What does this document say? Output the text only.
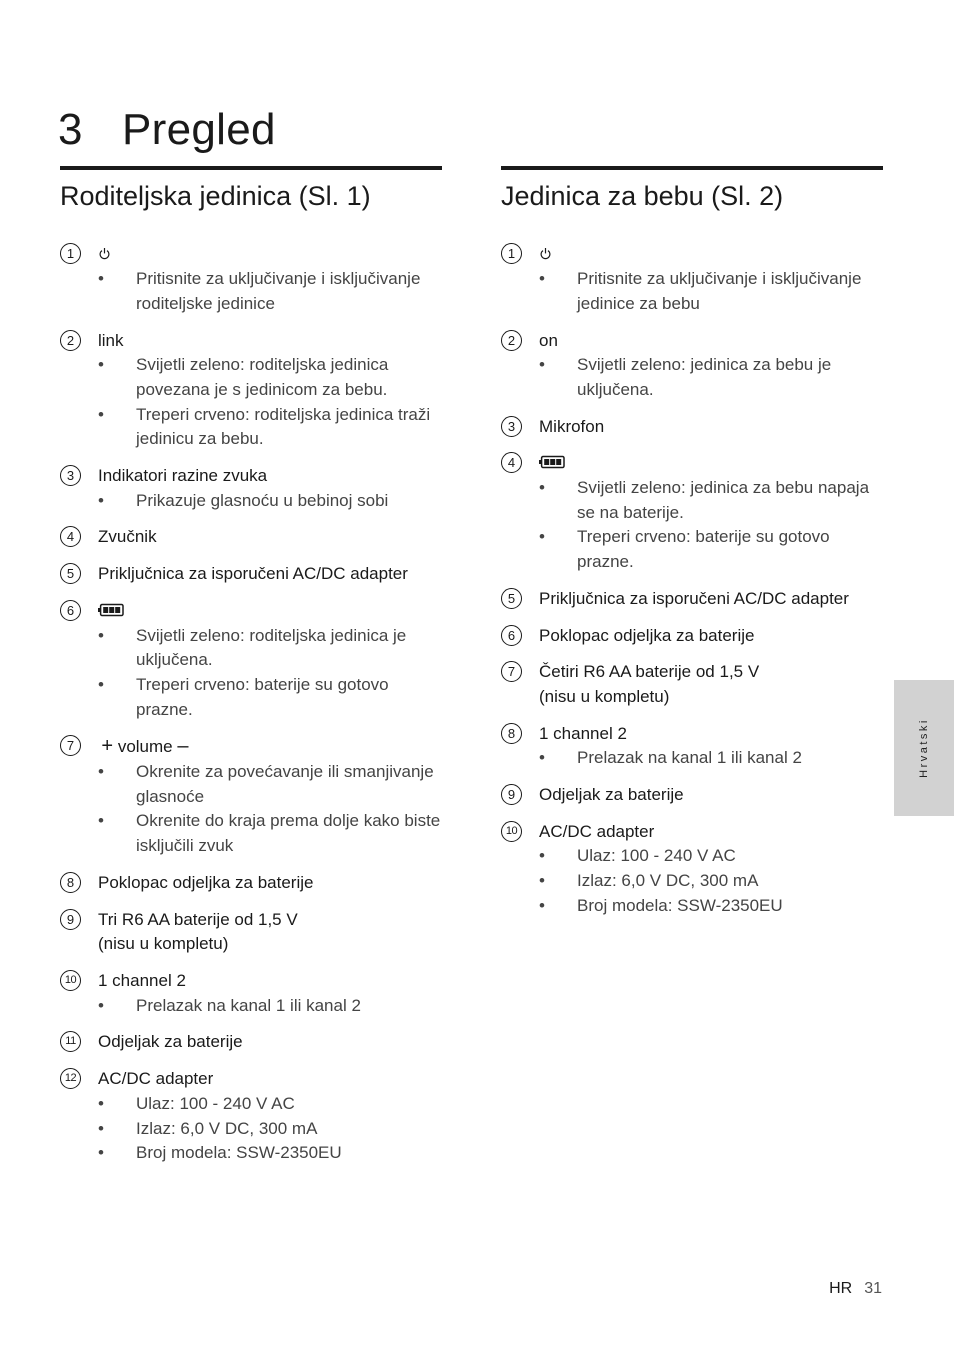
3 Pregled
Roditeljska jedinica (Sl. 1)
1
• Pritisnite za uključivanje i isključivanje roditeljske jedinice
2	link
• Svijetli zeleno: roditeljska jedinica povezana je s jedinicom za bebu.
• Treperi crveno: roditeljska jedinica traži jedinicu za bebu.
3	Indikatori razine zvuka
• Prikazuje glasnoću u bebinoj sobi
4	Zvučnik
5	Priključnica za isporučeni AC/DC adapter
6
• Svijetli zeleno: roditeljska jedinica je uključena.
• Treperi crveno: baterije su gotovo prazne.
7
 	+ volume –
• Okrenite za povećavanje ili smanjivanje glasnoće
• Okrenite do kraja prema dolje kako biste isključili zvuk
8	Poklopac odjeljka za baterije
9	Tri R6 AA baterije od 1,5 V
(nisu u kompletu)
10 1 channel 2
• Prelazak na kanal 1 ili kanal 2
11	Odjeljak za baterije
12 AC/DC adapter
• Ulaz: 100 - 240 V AC
• Izlaz: 6,0 V DC, 300 mA
• Broj modela: SSW-2350EU
Jedinica za bebu (Sl. 2)
1
• Pritisnite za uključivanje i isključivanje jedinice za bebu
2	on
• Svijetli zeleno: jedinica za bebu je uključena.
3	Mikrofon
4
• Svijetli zeleno: jedinica za bebu napaja se na baterije.
• Treperi crveno: baterije su gotovo prazne.
5	Priključnica za isporučeni AC/DC adapter
6	Poklopac odjeljka za baterije
7	Četiri R6 AA baterije od 1,5 V
(nisu u kompletu)
8	1 channel 2
• Prelazak na kanal 1 ili kanal 2
9	Odjeljak za baterije
10 AC/DC adapter
• Ulaz: 100 - 240 V AC
• Izlaz: 6,0 V DC, 300 mA
• Broj modela: SSW-2350EU
Hrvatski
HR 31
